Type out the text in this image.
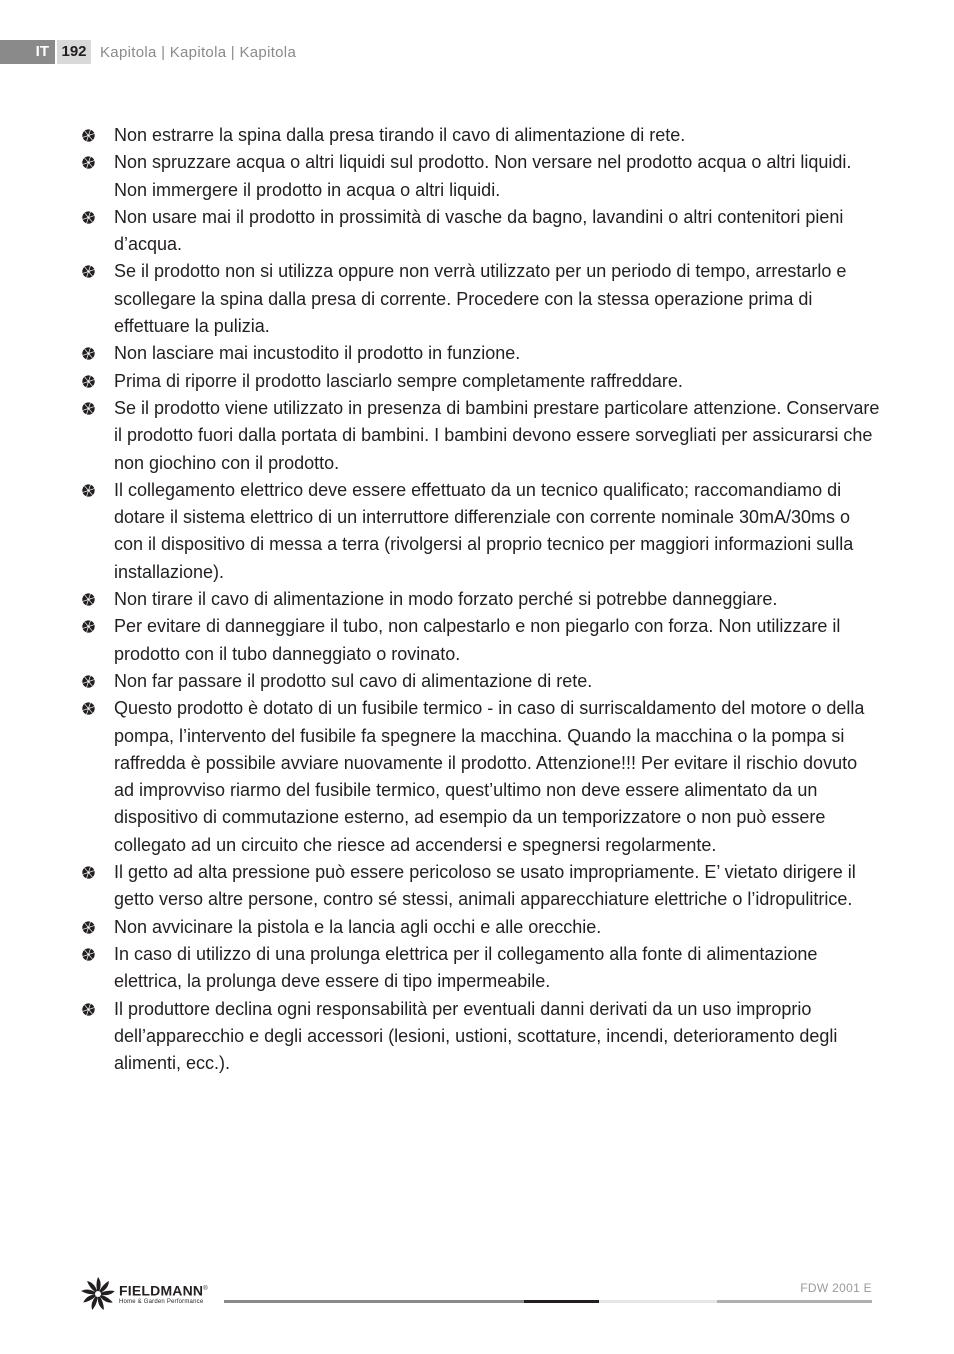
IT 192 Kapitola | Kapitola | Kapitola
Non estrarre la spina dalla presa tirando il cavo di alimentazione di rete.
Non spruzzare acqua o altri liquidi sul prodotto. Non versare nel prodotto acqua o altri liquidi. Non immergere il prodotto in acqua o altri liquidi.
Non usare mai il prodotto in prossimità di vasche da bagno, lavandini o altri contenitori pieni d’acqua.
Se il prodotto non si utilizza oppure non verrà utilizzato per un periodo di tempo, arrestarlo e scollegare la spina dalla presa di corrente. Procedere con la stessa operazione prima di effettuare la pulizia.
Non lasciare mai incustodito il prodotto in funzione.
Prima di riporre il prodotto lasciarlo sempre completamente raffreddare.
Se il prodotto viene utilizzato in presenza di bambini prestare particolare attenzione. Conservare il prodotto fuori dalla portata di bambini. I bambini devono essere sorvegliati per assicurarsi che non giochino con il prodotto.
Il collegamento elettrico deve essere effettuato da un tecnico qualificato; raccomandiamo di dotare il sistema elettrico di un interruttore differenziale con corrente nominale 30mA/30ms o con il dispositivo di messa a terra (rivolgersi al proprio tecnico per maggiori informazioni sulla installazione).
Non tirare il cavo di alimentazione in modo forzato perché si potrebbe danneggiare.
Per evitare di danneggiare il tubo, non calpestarlo e non piegarlo con forza. Non utilizzare il prodotto con il tubo danneggiato o rovinato.
Non far passare il prodotto sul cavo di alimentazione di rete.
Questo prodotto è dotato di un fusibile termico - in caso di surriscaldamento del motore o della pompa, l’intervento del fusibile fa spegnere la macchina. Quando la macchina o la pompa si raffredda è possibile avviare nuovamente il prodotto. Attenzione!!! Per evitare il rischio dovuto ad improvviso riarmo del fusibile termico, quest’ultimo non deve essere alimentato da un dispositivo di commutazione esterno, ad esempio da un temporizzatore o non può essere collegato ad un circuito che riesce ad accendersi e spegnersi regolarmente.
Il getto ad alta pressione può essere pericoloso se usato impropriamente. E’ vietato dirigere il getto verso altre persone, contro sé stessi, animali apparecchiature elettriche o l’idropulitrice.
Non avvicinare la pistola e la lancia agli occhi e alle orecchie.
In caso di utilizzo di una prolunga elettrica per il collegamento alla fonte di alimentazione elettrica, la prolunga deve essere di tipo impermeabile.
Il produttore declina ogni responsabilità per eventuali danni derivati da un uso improprio dell’apparecchio e degli accessori (lesioni, ustioni, scottature, incendi, deterioramento degli alimenti, ecc.).
FIELDMANN®
Home & Garden Performance
FDW 2001 E
